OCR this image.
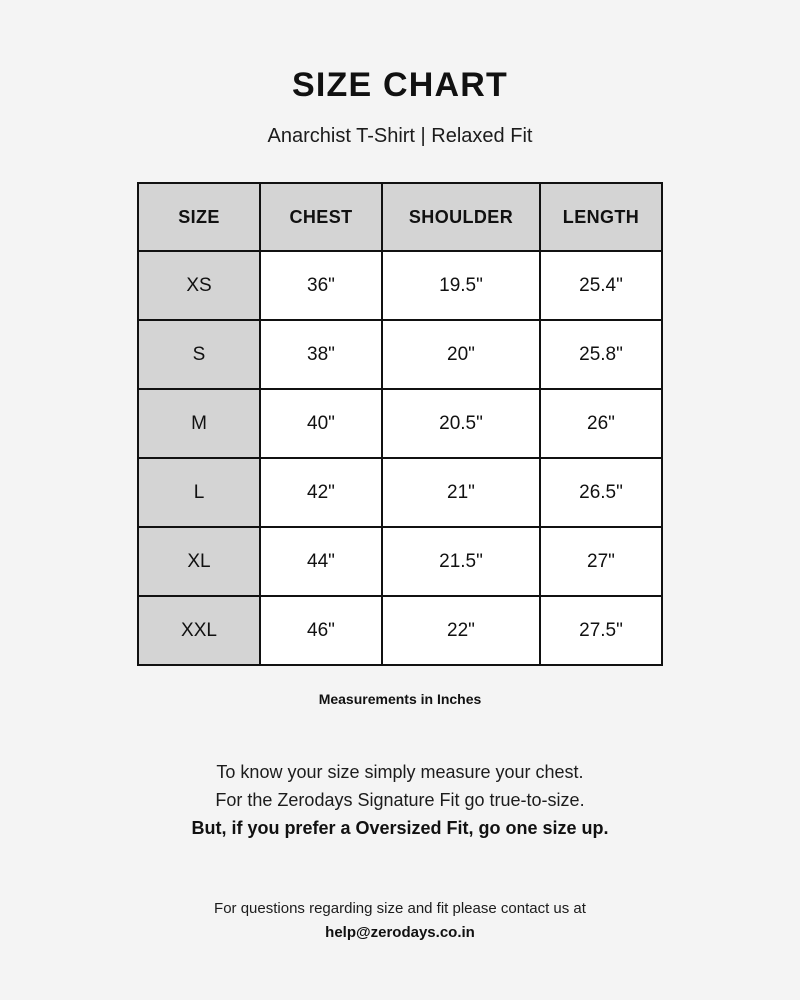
SIZE CHART
Anarchist T-Shirt | Relaxed Fit
SIZE	CHEST	SHOULDER	LENGTH
XS	36"	19.5"	25.4"
S	38"	20"	25.8"
M	40"	20.5"	26"
L	42"	21"	26.5"
XL	44"	21.5"	27"
XXL	46"	22"	27.5"
Measurements in Inches
To know your size simply measure your chest.
For the Zerodays Signature Fit go true-to-size.
But, if you prefer a Oversized Fit, go one size up.
For questions regarding size and fit please contact us at
help@zerodays.co.in
